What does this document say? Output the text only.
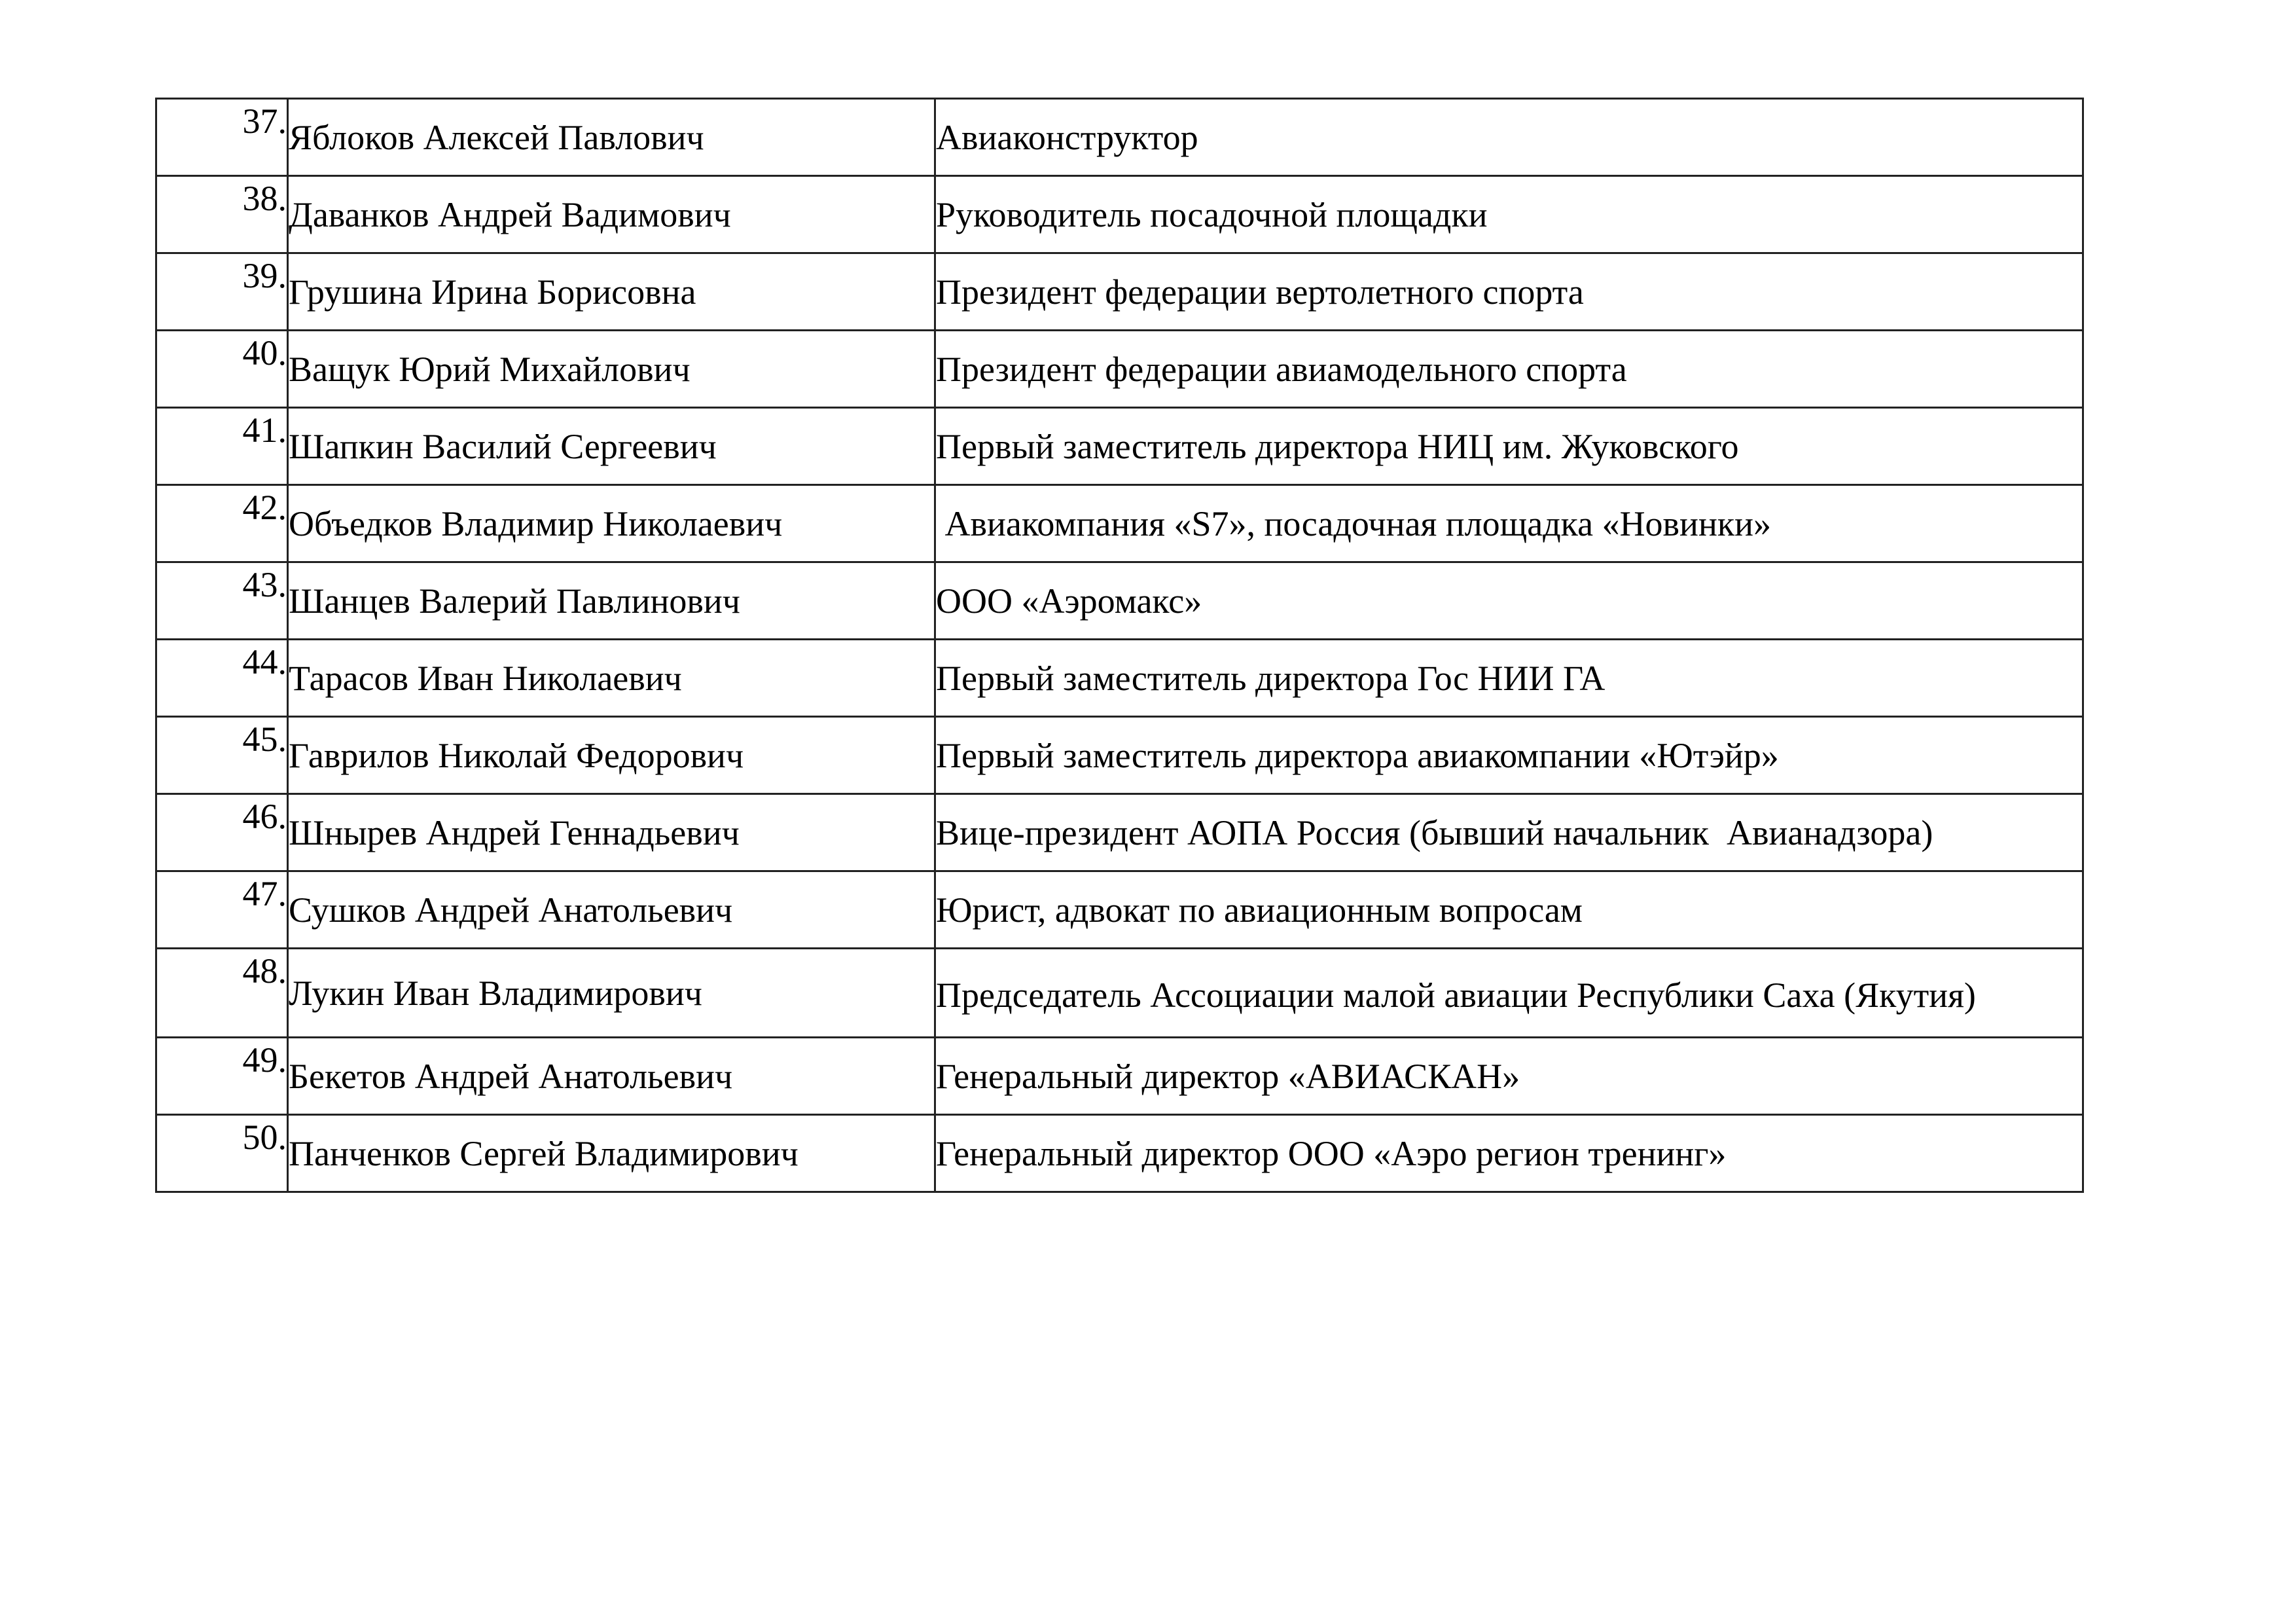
37.	Яблоков Алексей Павлович	Авиаконструктор
38.	Даванков Андрей Вадимович	Руководитель посадочной площадки
39.	Грушина Ирина Борисовна	Президент федерации вертолетного спорта
40.	Ващук Юрий Михайлович	Президент федерации авиамодельного спорта
41.	Шапкин Василий Сергеевич	Первый заместитель директора НИЦ им. Жуковского
42.	Объедков Владимир Николаевич	Авиакомпания «S7», посадочная площадка «Новинки»
43.	Шанцев Валерий Павлинович	ООО «Аэромакс»
44.	Тарасов Иван Николаевич	Первый заместитель директора Гос НИИ ГА
45.	Гаврилов Николай Федорович	Первый заместитель директора авиакомпании «Ютэйр»
46.	Шнырев Андрей Геннадьевич	Вице-президент АОПА Россия (бывший начальник  Авианадзора)
47.	Сушков Андрей Анатольевич	Юрист, адвокат по авиационным вопросам
48.	Лукин Иван Владимирович	Председатель Ассоциации малой авиации Республики Саха (Якутия)
49.	Бекетов Андрей Анатольевич	Генеральный директор «АВИАСКАН»
50.	Панченков Сергей Владимирович	Генеральный директор ООО «Аэро регион тренинг»
